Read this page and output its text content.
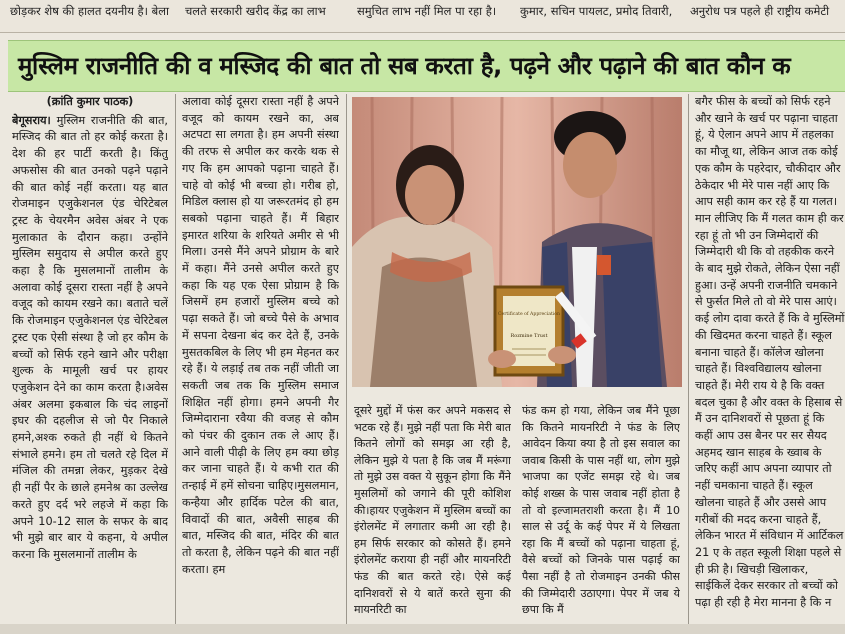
छोड़कर शेष की हालत दयनीय है। बेला चलते सरकारी खरीद केंद्र का लाभ	समुचित लाभ नहीं मिल पा रहा है। कुमार, सचिन पायलट, प्रमोद तिवारी, अनुरोध पत्र पहले ही राष्ट्रीय कमेटी
मुस्लिम राजनीति की व मस्जिद की बात तो सब करता है, पढ़ने और पढ़ाने की बात कौन क

(क्रांति कुमार पाठक)

बेगूसराय। मुस्लिम राजनीति की बात, मस्जिद की बात तो हर कोई करता है। देश की हर पार्टी करती है। किंतु अफसोस की बात उनको पढ़ने पढ़ाने की बात कोई नहीं करता। यह बात रोजमाइन एजुकेशनल एंड चेरिटेबल ट्रस्ट के चेयरमैन अवेस अंबर ने एक मुलाकात के दौरान कहा। उन्होंने मुस्लिम समुदाय से अपील करते हुए कहा है कि मुसलमानों तालीम के अलावा कोई दूसरा रास्ता नहीं है अपने वजूद को कायम रखने का। बताते चलें कि रोजमाइन एजुकेशनल एंड चेरिटेबल ट्रस्ट एक ऐसी संस्था है जो हर कौम के बच्चों को सिर्फ रहने खाने और परीक्षा शुल्क के मामूली खर्च पर हायर एजुकेशन देने का काम करता है।अवेस अंबर अलमा इकबाल कि चंद लाइनों इघर की दहलीज से जो पैर निकाले हमने,अश्क रुकते ही नहीं थे कितने संभाले हमने। हम तो चलते रहे दिल में मंजिल की तमन्ना लेकर, मुड़कर देखे ही नहीं पैर के छाले हमनेश्र का उल्लेख करते हुए दर्द भरे लहजे में कहा कि अपने 10-12 साल के सफर के बाद भी मुझे बार बार ये कहना, ये अपील करना कि मुसलमानों तालीम के

अलावा कोई दूसरा रास्ता नहीं है अपने वजूद को कायम रखने का, अब अटपटा सा लगता है। हम अपनी संस्था की तरफ से अपील कर करके थक से गए कि हम आपको पढ़ाना चाहते हैं। चाहे वो कोई भी बच्चा हो। गरीब हो, मिडिल क्लास हो या जरूरतमंद हो हम सबको पढ़ाना चाहते हैं। मैं बिहार इमारत शरिया के शरियते अमीर से भी मिला। उनसे मैंने अपने प्रोग्राम के बारे में कहा। मैंने उनसे अपील करते हुए कहा कि यह एक ऐसा प्रोग्राम है कि जिसमें हम हजारों मुस्लिम बच्चे को पढ़ा सकते हैं। जो बच्चे पैसे के अभाव में सपना देखना बंद कर देते हैं, उनके मुसतकबिल के लिए भी हम मेहनत कर रहे हैं। ये लड़ाई तब तक नहीं जीती जा सकती जब तक कि मुस्लिम समाज शिक्षित नहीं होगा। हमने अपनी गैर जिम्मेदाराना रवैया की वजह से कौम को पंचर की दुकान तक ले आए हैं। आने वाली पीढ़ी के लिए हम क्या छोड़ कर जाना चाहते हैं। ये कभी रात की तन्हाई में हमें सोचना चाहिए।मुसलमान, कन्हैया और हार्दिक पटेल की बात, विवादों की बात, अवैसी साहब की बात, मस्जिद की बात, मंदिर की बात तो करता है, लेकिन पढ़ने की बात नहीं करता। हम

Certificate of Appreciation
Rozmine Trust

दूसरे मुद्दों में फंस कर अपने मकसद से भटक रहे हैं। मुझे नहीं पता कि मेरी बात कितने लोगों को समझ आ रही है, लेकिन मुझे ये पता है कि जब मैं मरूंगा तो मुझे उस वक्त ये सुकून होगा कि मैंने मुसलिमों को जगाने की पूरी कोशिश की।हायर एजुकेशन में मुस्लिम बच्चों का इंरोलमेंट में लगातार कमी आ रही है। हम सिर्फ सरकार को कोसते हैं। हमने इंरोलमेंट कराया ही नहीं और मायनरिटी फंड की बात करते रहे। ऐसे कई दानिशवरों से ये बातें करते सुना की मायनरिटी का

फंड कम हो गया, लेकिन जब मैंने पूछा कि कितने मायनरिटी ने फंड के लिए आवेदन किया क्या है तो इस सवाल का जवाब किसी के पास नहीं था, लोग मुझे भाजपा का एजेंट समझ रहे थे। जब कोई शख्स के पास जवाब नहीं होता है तो वो इल्जामतराशी करता है। मैं 10 साल से उर्दू के कई पेपर में ये लिखता रहा कि मैं बच्चों को पढ़ाना चाहता हूं, वैसे बच्चों को जिनके पास पढ़ाई का पैसा नहीं है तो रोजमाइन उनकी फीस की जिम्मेदारी उठाएगा। पेपर में जब ये छपा कि मैं

बगैर फीस के बच्चों को सिर्फ रहने और खाने के खर्च पर पढ़ाना चाहता हूं, ये ऐलान अपने आप में तहलका का मौजू था, लेकिन आज तक कोई एक कौम के पहरेदार, चौकीदार और ठेकेदार भी मेरे पास नहीं आए कि आप सही काम कर रहे हैं या गलत। मान लीजिए कि मैं गलत काम ही कर रहा हूं तो भी उन जिम्मेदारों की जिम्मेदारी थी कि वो तहकीक करने के बाद मुझे रोकते, लेकिन ऐसा नहीं हुआ। उन्हें अपनी राजनीति चमकाने से फुर्सत मिले तो वो मेरे पास आएं। कई लोग दावा करते हैं कि वे मुस्लिमों की खिदमत करना चाहते हैं। स्कूल बनाना चाहते हैं। कॉलेज खोलना चाहते हैं। विश्वविद्यालय खोलना चाहते हैं। मेरी राय ये है कि वक्त बदल चुका है और वक्त के हिसाब से मैं उन दानिशवरों से पूछता हूं कि कहीं आप उस बैनर पर सर सैयद अहमद खान साहब के ख्वाब के जरिए कहीं आप अपना व्यापार तो नहीं चमकाना चाहते हैं। स्कूल खोलना चाहते हैं और उससे आप गरीबों की मदद करना चाहते हैं, लेकिन भारत में संविधान में आर्टिकल 21 ए के तहत स्कूली शिक्षा पहले से ही फ्री है। खिचड़ी खिलाकर, साईकिलें देकर सरकार तो बच्चों को पढ़ा ही रही है मेरा मानना है कि न
